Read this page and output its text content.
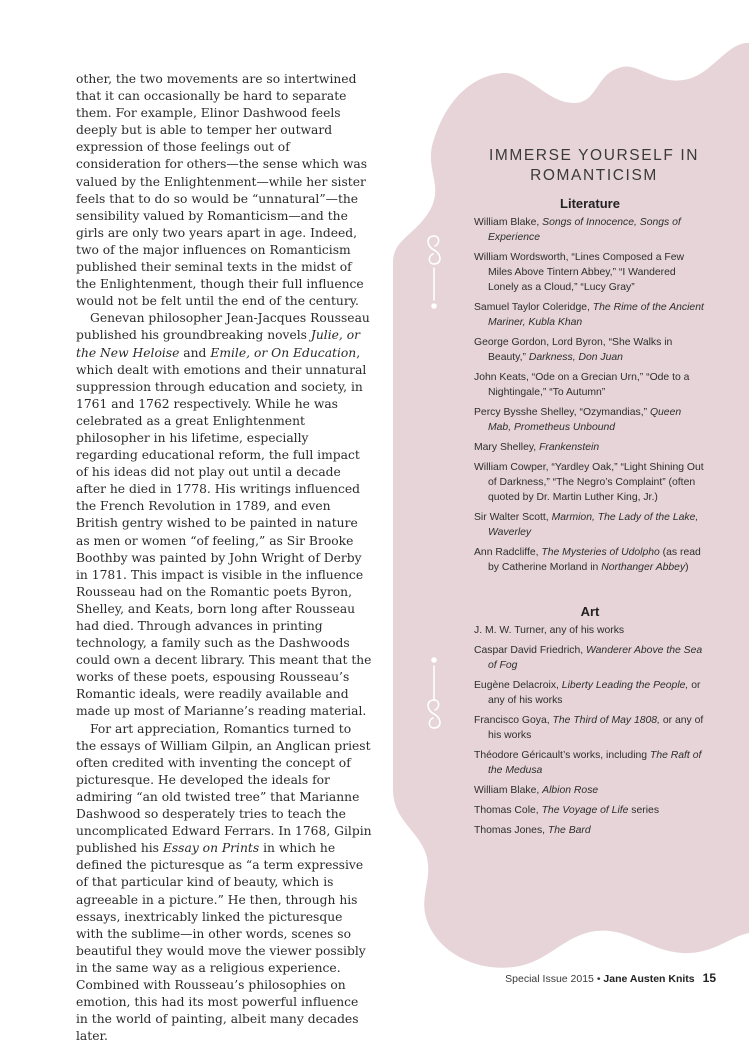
other, the two movements are so intertwined that it can occasionally be hard to separate them. For example, Elinor Dashwood feels deeply but is able to temper her outward expression of those feelings out of consideration for others—the sense which was valued by the Enlightenment—while her sister feels that to do so would be “unnatural”—the sensibility valued by Romanticism—and the girls are only two years apart in age. Indeed, two of the major influences on Romanticism published their seminal texts in the midst of the Enlightenment, though their full influence would not be felt until the end of the century.

Genevan philosopher Jean-Jacques Rousseau published his groundbreaking novels Julie, or the New Heloise and Emile, or On Education, which dealt with emotions and their unnatural suppression through education and society, in 1761 and 1762 respectively. While he was celebrated as a great Enlightenment philosopher in his lifetime, especially regarding educational reform, the full impact of his ideas did not play out until a decade after he died in 1778. His writings influenced the French Revolution in 1789, and even British gentry wished to be painted in nature as men or women “of feeling,” as Sir Brooke Boothby was painted by John Wright of Derby in 1781. This impact is visible in the influence Rousseau had on the Romantic poets Byron, Shelley, and Keats, born long after Rousseau had died. Through advances in printing technology, a family such as the Dashwoods could own a decent library. This meant that the works of these poets, espousing Rousseau’s Romantic ideals, were readily available and made up most of Marianne’s reading material.

For art appreciation, Romantics turned to the essays of William Gilpin, an Anglican priest often credited with inventing the concept of picturesque. He developed the ideals for admiring “an old twisted tree” that Marianne Dashwood so desperately tries to teach the uncomplicated Edward Ferrars. In 1768, Gilpin published his Essay on Prints in which he defined the picturesque as “a term expressive of that particular kind of beauty, which is agreeable in a picture.” He then, through his essays, inextricably linked the picturesque with the sublime—in other words, scenes so beautiful they would move the viewer possibly in the same way as a religious experience. Combined with Rousseau’s philosophies on emotion, this had its most powerful influence in the world of painting, albeit many decades later.

IMMERSE YOURSELF IN ROMANTICISM
Literature
William Blake, Songs of Innocence, Songs of Experience
William Wordsworth, “Lines Composed a Few Miles Above Tintern Abbey,” “I Wandered Lonely as a Cloud,” “Lucy Gray”
Samuel Taylor Coleridge, The Rime of the Ancient Mariner, Kubla Khan
George Gordon, Lord Byron, “She Walks in Beauty,” Darkness, Don Juan
John Keats, “Ode on a Grecian Urn,” “Ode to a Nightingale,” “To Autumn”
Percy Bysshe Shelley, “Ozymandias,” Queen Mab, Prometheus Unbound
Mary Shelley, Frankenstein
William Cowper, “Yardley Oak,” “Light Shining Out of Darkness,” “The Negro’s Complaint” (often quoted by Dr. Martin Luther King, Jr.)
Sir Walter Scott, Marmion, The Lady of the Lake, Waverley
Ann Radcliffe, The Mysteries of Udolpho (as read by Catherine Morland in Northanger Abbey)
Art
J. M. W. Turner, any of his works
Caspar David Friedrich, Wanderer Above the Sea of Fog
Eugène Delacroix, Liberty Leading the People, or any of his works
Francisco Goya, The Third of May 1808, or any of his works
Théodore Géricault’s works, including The Raft of the Medusa
William Blake, Albion Rose
Thomas Cole, The Voyage of Life series
Thomas Jones, The Bard
Special Issue 2015 • Jane Austen Knits 15
